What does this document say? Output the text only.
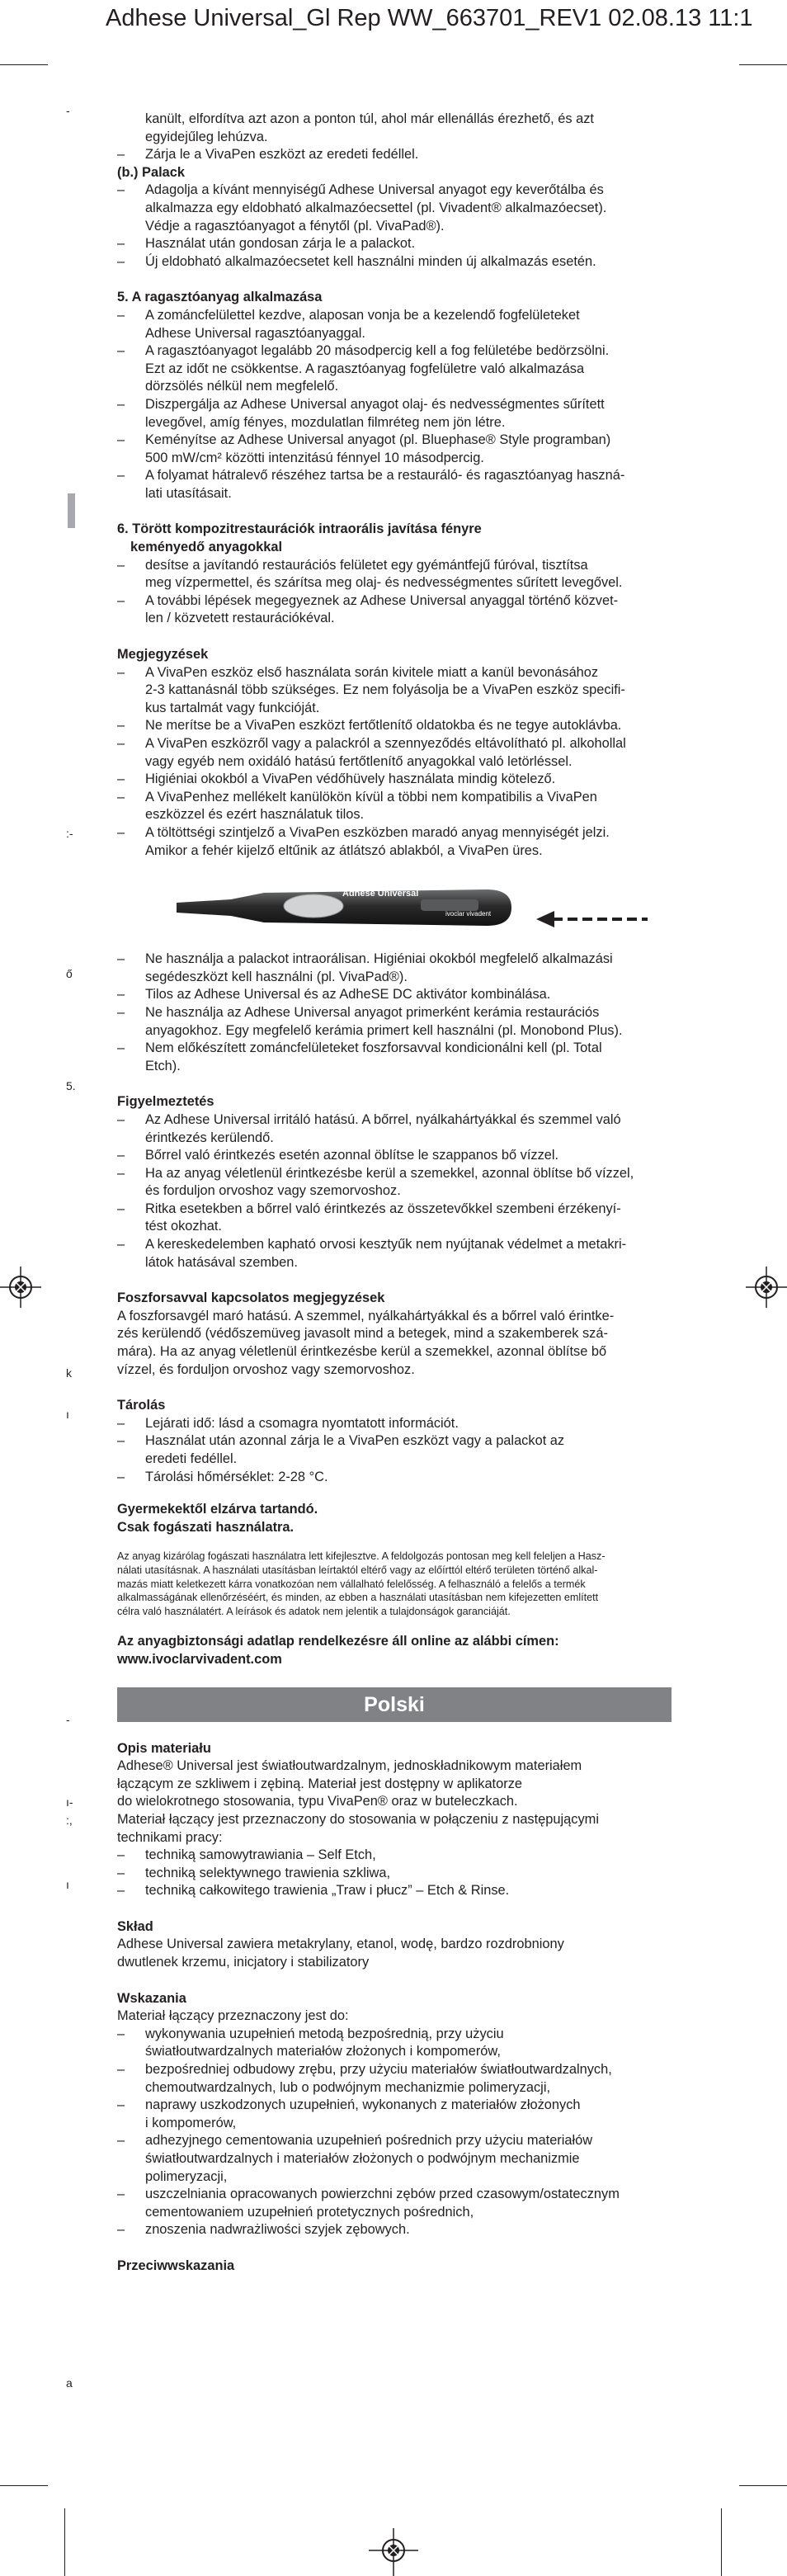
Adhese Universal_Gl Rep WW_663701_REV1 02.08.13 11:1
-
:-
ő
5.
k
ı
-
ı-
:,
ı
a

kanült, elfordítva azt azon a ponton túl, ahol már ellenállás érezhető, és azt

egyidejűleg lehúzva.

– Zárja le a VivaPen eszközt az eredeti fedéllel.

(b.) Palack

– Adagolja a kívánt mennyiségű Adhese Universal anyagot egy keverőtálba és

alkalmazza egy eldobható alkalmazóecsettel (pl. Vivadent® alkalmazóecset).

Védje a ragasztóanyagot a fénytől (pl. VivaPad®).

– Használat után gondosan zárja le a palackot.

– Új eldobható alkalmazóecsetet kell használni minden új alkalmazás esetén.

5. A ragasztóanyag alkalmazása

– A zománcfelülettel kezdve, alaposan vonja be a kezelendő fogfelületeket

Adhese Universal ragasztóanyaggal.

– A ragasztóanyagot legalább 20 másodpercig kell a fog felületébe bedörzsölni.

Ezt az időt ne csökkentse. A ragasztóanyag fogfelületre való alkalmazása

dörzsölés nélkül nem megfelelő.

– Diszpergálja az Adhese Universal anyagot olaj- és nedvességmentes sűrített

levegővel, amíg fényes, mozdulatlan filmréteg nem jön létre.

– Keményítse az Adhese Universal anyagot (pl. Bluephase® Style programban)

500 mW/cm² közötti intenzitású fénnyel 10 másodpercig.

– A folyamat hátralevő részéhez tartsa be a restauráló- és ragasztóanyag haszná-

lati utasításait.

6. Törött kompozitrestaurációk intraorális javítása fényre

keményedő anyagokkal

– desítse a javítandó restaurációs felületet egy gyémántfejű fúróval, tisztítsa

meg vízpermettel, és szárítsa meg olaj- és nedvességmentes sűrített levegővel.

– A további lépések megegyeznek az Adhese Universal anyaggal történő közvet-

len / közvetett restaurációkéval.

Megjegyzések

– A VivaPen eszköz első használata során kivitele miatt a kanül bevonásához

2-3 kattanásnál több szükséges. Ez nem folyásolja be a VivaPen eszköz specifi-

kus tartalmát vagy funkcióját.

– Ne merítse be a VivaPen eszközt fertőtlenítő oldatokba és ne tegye autoklávba.

– A VivaPen eszközről vagy a palackról a szennyeződés eltávolítható pl. alkohollal

vagy egyéb nem oxidáló hatású fertőtlenítő anyagokkal való letörléssel.

– Higiéniai okokból a VivaPen védőhüvely használata mindig kötelező.

– A VivaPenhez mellékelt kanülökön kívül a többi nem kompatibilis a VivaPen

eszközzel és ezért használatuk tilos.

– A töltöttségi szintjelző a VivaPen eszközben maradó anyag mennyiségét jelzi.

Amikor a fehér kijelző eltűnik az átlátszó ablakból, a VivaPen üres.

Adhese Universal
ivoclar vivadent
– Ne használja a palackot intraorálisan. Higiéniai okokból megfelelő alkalmazási

segédeszközt kell használni (pl. VivaPad®).

– Tilos az Adhese Universal és az AdheSE DC aktivátor kombinálása.

– Ne használja az Adhese Universal anyagot primerként kerámia restaurációs

anyagokhoz. Egy megfelelő kerámia primert kell használni (pl. Monobond Plus).

– Nem előkészített zománcfelületeket foszforsavval kondicionálni kell (pl. Total

Etch).

Figyelmeztetés

– Az Adhese Universal irritáló hatású. A bőrrel, nyálkahártyákkal és szemmel való

érintkezés kerülendő.

– Bőrrel való érintkezés esetén azonnal öblítse le szappanos bő vízzel.

– Ha az anyag véletlenül érintkezésbe kerül a szemekkel, azonnal öblítse bő vízzel,

és forduljon orvoshoz vagy szemorvoshoz.

– Ritka esetekben a bőrrel való érintkezés az összetevőkkel szembeni érzékenyí-

tést okozhat.

– A kereskedelemben kapható orvosi kesztyűk nem nyújtanak védelmet a metakri-

látok hatásával szemben.

Foszforsavval kapcsolatos megjegyzések

A foszforsavgél maró hatású. A szemmel, nyálkahártyákkal és a bőrrel való érintke-

zés kerülendő (védőszemüveg javasolt mind a betegek, mind a szakemberek szá-

mára). Ha az anyag véletlenül érintkezésbe kerül a szemekkel, azonnal öblítse bő

vízzel, és forduljon orvoshoz vagy szemorvoshoz.

Tárolás

– Lejárati idő: lásd a csomagra nyomtatott információt.

– Használat után azonnal zárja le a VivaPen eszközt vagy a palackot az

eredeti fedéllel.

– Tárolási hőmérséklet: 2-28 °C.

Gyermekektől elzárva tartandó.

Csak fogászati használatra.

Az anyag kizárólag fogászati használatra lett kifejlesztve. A feldolgozás pontosan meg kell feleljen a Hasz-

nálati utasításnak. A használati utasításban leírtaktól eltérő vagy az előírttól eltérő területen történő alkal-

mazás miatt keletkezett kárra vonatkozóan nem vállalható felelősség. A felhasználó a felelős a termék

alkalmasságának ellenőrzéséért, és minden, az ebben a használati utasításban nem kifejezetten említett

célra való használatért. A leírások és adatok nem jelentik a tulajdonságok garanciáját.

Az anyagbiztonsági adatlap rendelkezésre áll online az alábbi címen:

www.ivoclarvivadent.com

Polski

Opis materiału

Adhese® Universal jest światłoutwardzalnym, jednoskładnikowym materiałem

łączącym ze szkliwem i zębiną. Materiał jest dostępny w aplikatorze

do wielokrotnego stosowania, typu VivaPen® oraz w buteleczkach.

Materiał łączący jest przeznaczony do stosowania w połączeniu z następującymi

technikami pracy:

– techniką samowytrawiania – Self Etch,

– techniką selektywnego trawienia szkliwa,

– techniką całkowitego trawienia „Traw i płucz” – Etch & Rinse.

Skład

Adhese Universal zawiera metakrylany, etanol, wodę, bardzo rozdrobniony

dwutlenek krzemu, inicjatory i stabilizatory

Wskazania

Materiał łączący przeznaczony jest do:

– wykonywania uzupełnień metodą bezpośrednią, przy użyciu

światłoutwardzalnych materiałów złożonych i kompomerów,

– bezpośredniej odbudowy zrębu, przy użyciu materiałów światłoutwardzalnych,

chemoutwardzalnych, lub o podwójnym mechanizmie polimeryzacji,

– naprawy uszkodzonych uzupełnień, wykonanych z materiałów złożonych

i kompomerów,

– adhezyjnego cementowania uzupełnień pośrednich przy użyciu materiałów

światłoutwardzalnych i materiałów złożonych o podwójnym mechanizmie

polimeryzacji,

– uszczelniania opracowanych powierzchni zębów przed czasowym/ostatecznym

cementowaniem uzupełnień protetycznych pośrednich,

– znoszenia nadwrażliwości szyjek zębowych.

Przeciwwskazania
